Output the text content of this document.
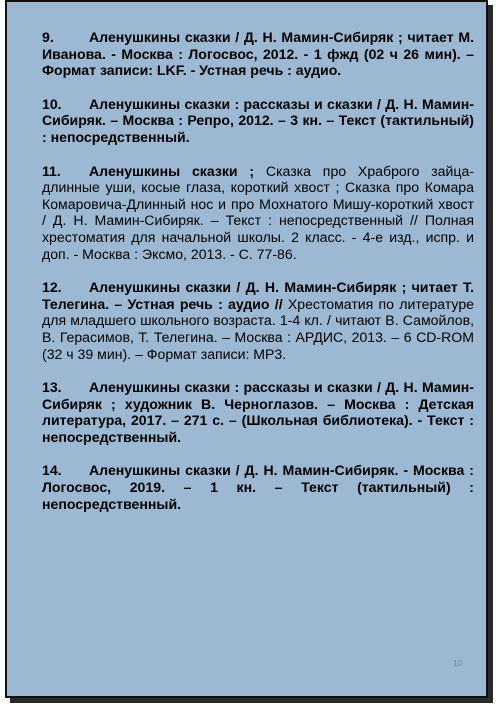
9. Аленушкины сказки / Д. Н. Мамин-Сибиряк ; читает М. Иванова. - Москва : Логосвос, 2012. - 1 фжд (02 ч 26 мин). – Формат записи: LKF. - Устная речь : аудио.

10. Аленушкины сказки : рассказы и сказки / Д. Н. Мамин-Сибиряк. – Москва : Репро, 2012. – 3 кн. – Текст (тактильный) : непосредственный.

11. Аленушкины сказки ; Сказка про Храброго зайца-длинные уши, косые глаза, короткий хвост ; Сказка про Комара Комаровича-Длинный нос и про Мохнатого Мишу-короткий хвост / Д. Н. Мамин-Сибиряк. – Текст : непосредственный // Полная хрестоматия для начальной школы. 2 класс. - 4-е изд., испр. и доп. - Москва : Эксмо, 2013. - С. 77-86.

12. Аленушкины сказки / Д. Н. Мамин-Сибиряк ; читает Т. Телегина. – Устная речь : аудио // Хрестоматия по литературе для младшего школьного возраста. 1-4 кл. / читают В. Самойлов, В. Герасимов, Т. Телегина. – Москва : АРДИС, 2013. – 6 CD-ROM (32 ч 39 мин). – Формат записи: MP3.

13. Аленушкины сказки : рассказы и сказки / Д. Н. Мамин-Сибиряк ; художник В. Черноглазов. – Москва : Детская литература, 2017. – 271 с. – (Школьная библиотека). - Текст : непосредственный.

14. Аленушкины сказки / Д. Н. Мамин-Сибиряк. - Москва : Логосвос, 2019. – 1 кн. – Текст (тактильный) : непосредственный.

10
